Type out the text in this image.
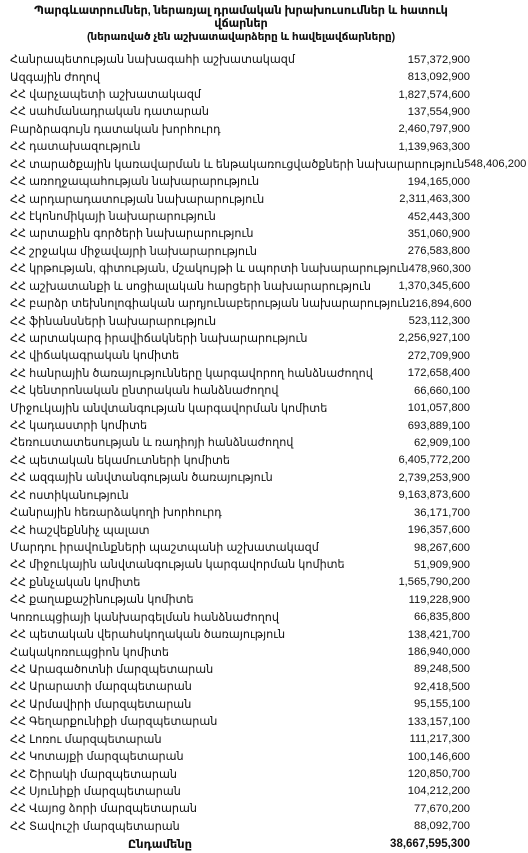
Պարգևատրումներ, ներառյալ դրամական խրախուսումներ և հատուկ վճարներ
(ներառված չեն աշխատավարձերը և հավելավճարները)
Հանրապետության նախագահի աշխատակազմ	157,372,900
Ազգային ժողով	813,092,900
ՀՀ վարչապետի աշխատակազմ	1,827,574,600
ՀՀ սահմանադրական դատարան	137,554,900
Բարձրագույն դատական խորհուրդ	2,460,797,900
ՀՀ դատախազություն	1,139,963,300
ՀՀ տարածքային կառավարման և ենթակառուցվածքների նախարարություն 548,406,200
ՀՀ առողջապահության նախարարություն	194,165,000
ՀՀ արդարադատության նախարարություն	2,311,463,300
ՀՀ էկոնոմիկայի նախարարություն	452,443,300
ՀՀ արտաքին գործերի նախարարություն	351,060,900
ՀՀ շրջակա միջավայրի նախարարություն	276,583,800
ՀՀ կրթության, գիտության, մշակույթի և սպորտի նախարարություն 478,960,300
ՀՀ աշխատանքի և սոցիալական հարցերի նախարարություն 1,370,345,600
ՀՀ բարձր տեխնոլոգիական արդյունաբերության նախարարություն 216,894,600
ՀՀ ֆինանսների նախարարություն	523,112,300
ՀՀ արտակարգ իրավիճակների նախարարություն	2,256,927,100
ՀՀ վիճակագրական կոմիտե	272,709,900
ՀՀ հանրային ծառայությունները կարգավորող հանձնաժողով	172,658,400
ՀՀ կենտրոնական ընտրական հանձնաժողով	66,660,100
Միջուկային անվտանգության կարգավորման կոմիտե	101,057,800
ՀՀ կադաստրի կոմիտե	693,889,100
Հեռուստատեսության և ռադիոյի հանձնաժողով	62,909,100
ՀՀ պետական եկամուտների կոմիտե	6,405,772,200
ՀՀ ազգային անվտանգության ծառայություն	2,739,253,900
ՀՀ ոստիկանություն	9,163,873,600
Հանրային հեռարձակողի խորհուրդ	36,171,700
ՀՀ հաշվեքննիչ պալատ	196,357,600
Մարդու իրավունքների պաշտպանի աշխատակազմ	98,267,600
ՀՀ միջուկային անվտանգության կարգավորման կոմիտե	51,909,900
ՀՀ քննչական կոմիտե	1,565,790,200
ՀՀ քաղաքաշինության կոմիտե	119,228,900
Կոռուպցիայի կանխարգելման հանձնաժողով	66,835,800
ՀՀ պետական վերահսկողական ծառայություն	138,421,700
Հակակոռուպցիոն կոմիտե	186,940,000
ՀՀ Արագածոտնի մարզպետարան	89,248,500
ՀՀ Արարատի մարզպետարան	92,418,500
ՀՀ Արմավիրի մարզպետարան	95,155,100
ՀՀ Գեղարքունիքի մարզպետարան	133,157,100
ՀՀ Լոռու մարզպետարան	111,217,300
ՀՀ Կոտայքի մարզպետարան	100,146,600
ՀՀ Շիրակի մարզպետարան	120,850,700
ՀՀ Սյունիքի մարզպետարան	104,212,200
ՀՀ Վայոց ձորի մարզպետարան	77,670,200
ՀՀ Տավուշի մարզպետարան	88,092,700
Ընդամենը	38,667,595,300
